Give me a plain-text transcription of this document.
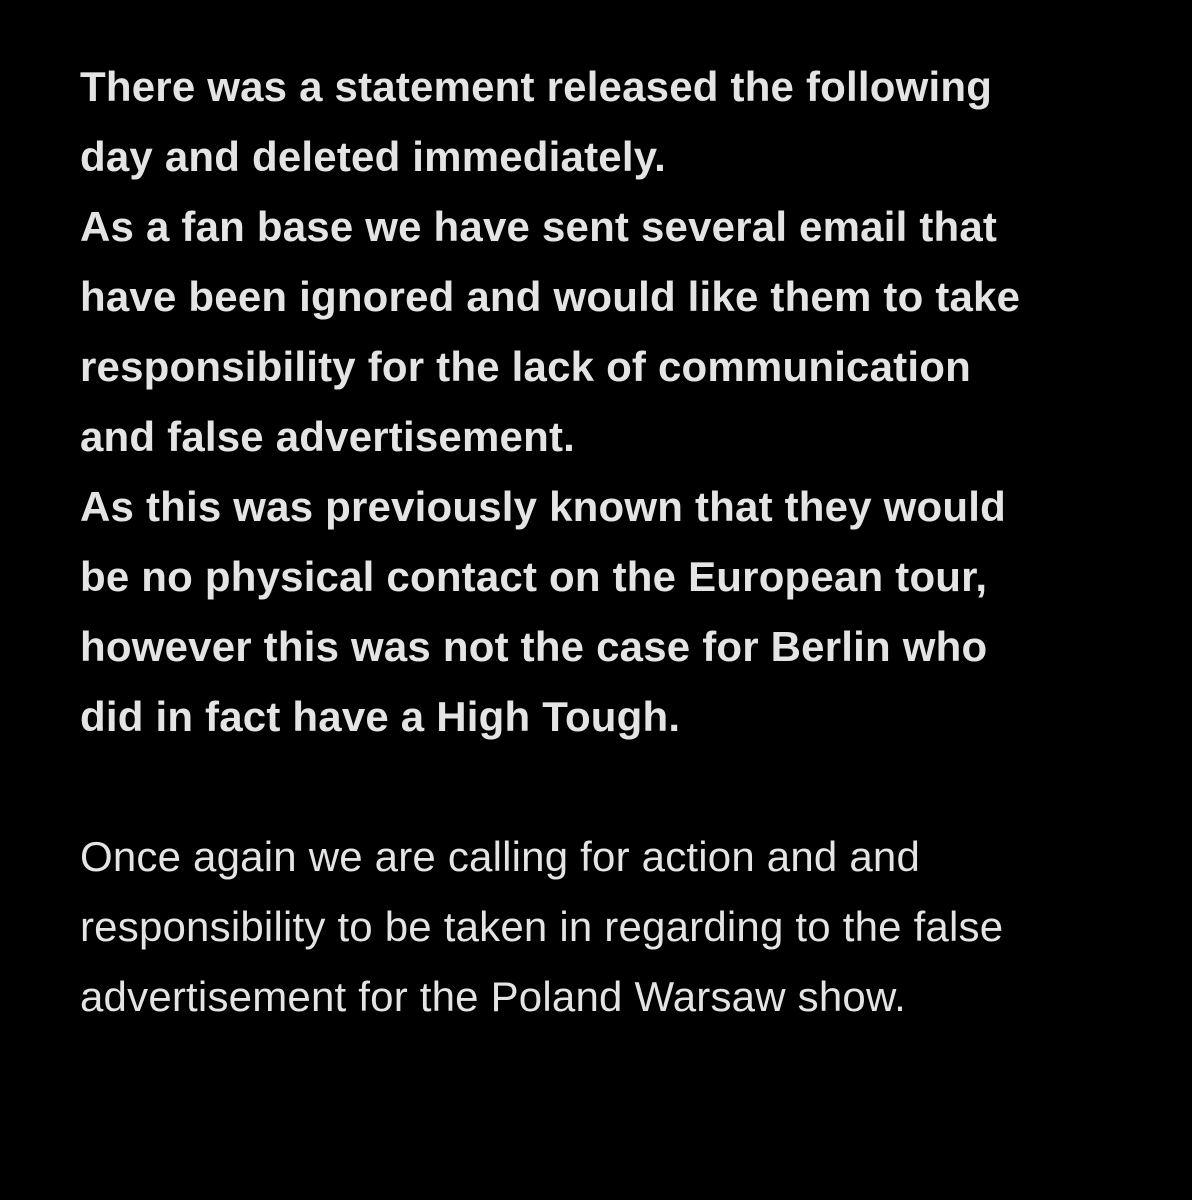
There was a statement released the following
day and deleted immediately.
As a fan base we have sent several email that
have been ignored and would like them to take
responsibility for the lack of communication
and false advertisement.
As this was previously known that they would
be no physical contact on the European tour,
however this was not the case for Berlin who
did in fact have a High Tough.
Once again we are calling for action and and
responsibility to be taken in regarding to the false
advertisement for the Poland Warsaw show.
